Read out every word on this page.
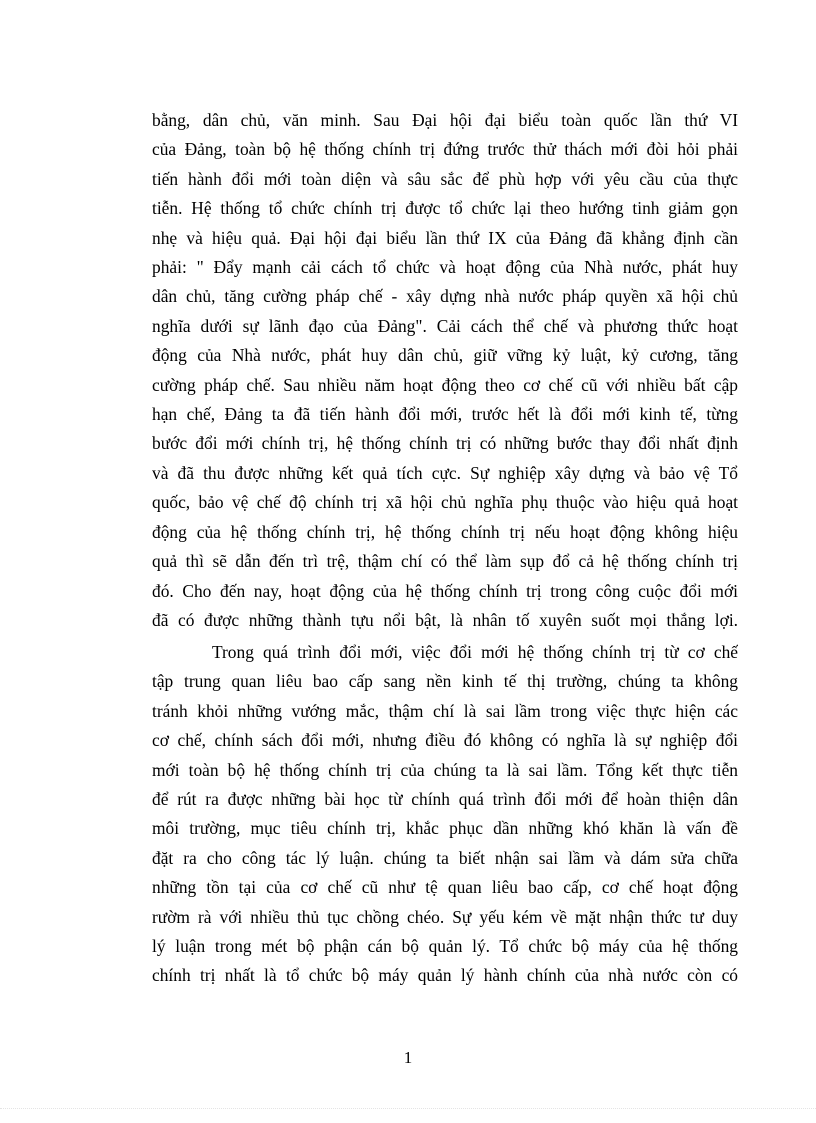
bằng, dân chủ, văn minh. Sau Đại hội đại biểu toàn quốc lần thứ VI
của Đảng, toàn bộ hệ thống chính trị đứng trước thử thách mới đòi hỏi phải
tiến hành đổi mới toàn diện và sâu sắc để phù hợp với yêu cầu của thực
tiễn. Hệ thống tổ chức chính trị được tổ chức lại theo hướng tinh giảm gọn
nhẹ và hiệu quả. Đại hội đại biểu lần thứ IX của Đảng đã khẳng định cần
phải: " Đẩy mạnh cải cách tổ chức và hoạt động của Nhà nước, phát huy
dân chủ, tăng cường pháp chế - xây dựng nhà nước pháp quyền xã hội chủ
nghĩa dưới sự lãnh đạo của Đảng". Cải cách thể chế và phương thức hoạt
động của Nhà nước, phát huy dân chủ, giữ vững kỷ luật, kỷ cương, tăng
cường pháp chế. Sau nhiều năm hoạt động theo cơ chế cũ với nhiều bất cập
hạn chế, Đảng ta đã tiến hành đổi mới, trước hết là đổi mới kinh tế, từng
bước đổi mới chính trị, hệ thống chính trị có những bước thay đổi nhất định
và đã thu được những kết quả tích cực. Sự nghiệp xây dựng và bảo vệ Tổ
quốc, bảo vệ chế độ chính trị xã hội chủ nghĩa phụ thuộc vào hiệu quả hoạt
động của hệ thống chính trị, hệ thống chính trị nếu hoạt động không hiệu
quả thì sẽ dẫn đến trì trệ, thậm chí có thể làm sụp đổ cả hệ thống chính trị
đó. Cho đến nay, hoạt động của hệ thống chính trị trong công cuộc đổi mới
đã có được những thành tựu nổi bật, là nhân tố xuyên suốt mọi thắng lợi.
Trong quá trình đổi mới, việc đổi mới hệ thống chính trị từ cơ chế
tập trung quan liêu bao cấp sang nền kinh tế thị trường, chúng ta không
tránh khỏi những vướng mắc, thậm chí là sai lầm trong việc thực hiện các
cơ chế, chính sách đổi mới, nhưng điều đó không có nghĩa là sự nghiệp đổi
mới toàn bộ hệ thống chính trị của chúng ta là sai lầm. Tổng kết thực tiễn
để rút ra được những bài học từ chính quá trình đổi mới để hoàn thiện dân
môi trường, mục tiêu chính trị, khắc phục dần những khó khăn là vấn đề
đặt ra cho công tác lý luận. chúng ta biết nhận sai lầm và dám sửa chữa
những tồn tại của cơ chế cũ như tệ quan liêu bao cấp, cơ chế hoạt động
rườm rà với nhiều thủ tục chồng chéo. Sự yếu kém về mặt nhận thức tư duy
lý luận trong mét bộ phận cán bộ quản lý. Tổ chức bộ máy của hệ thống
chính trị nhất là tổ chức bộ máy quản lý hành chính của nhà nước còn có
1
